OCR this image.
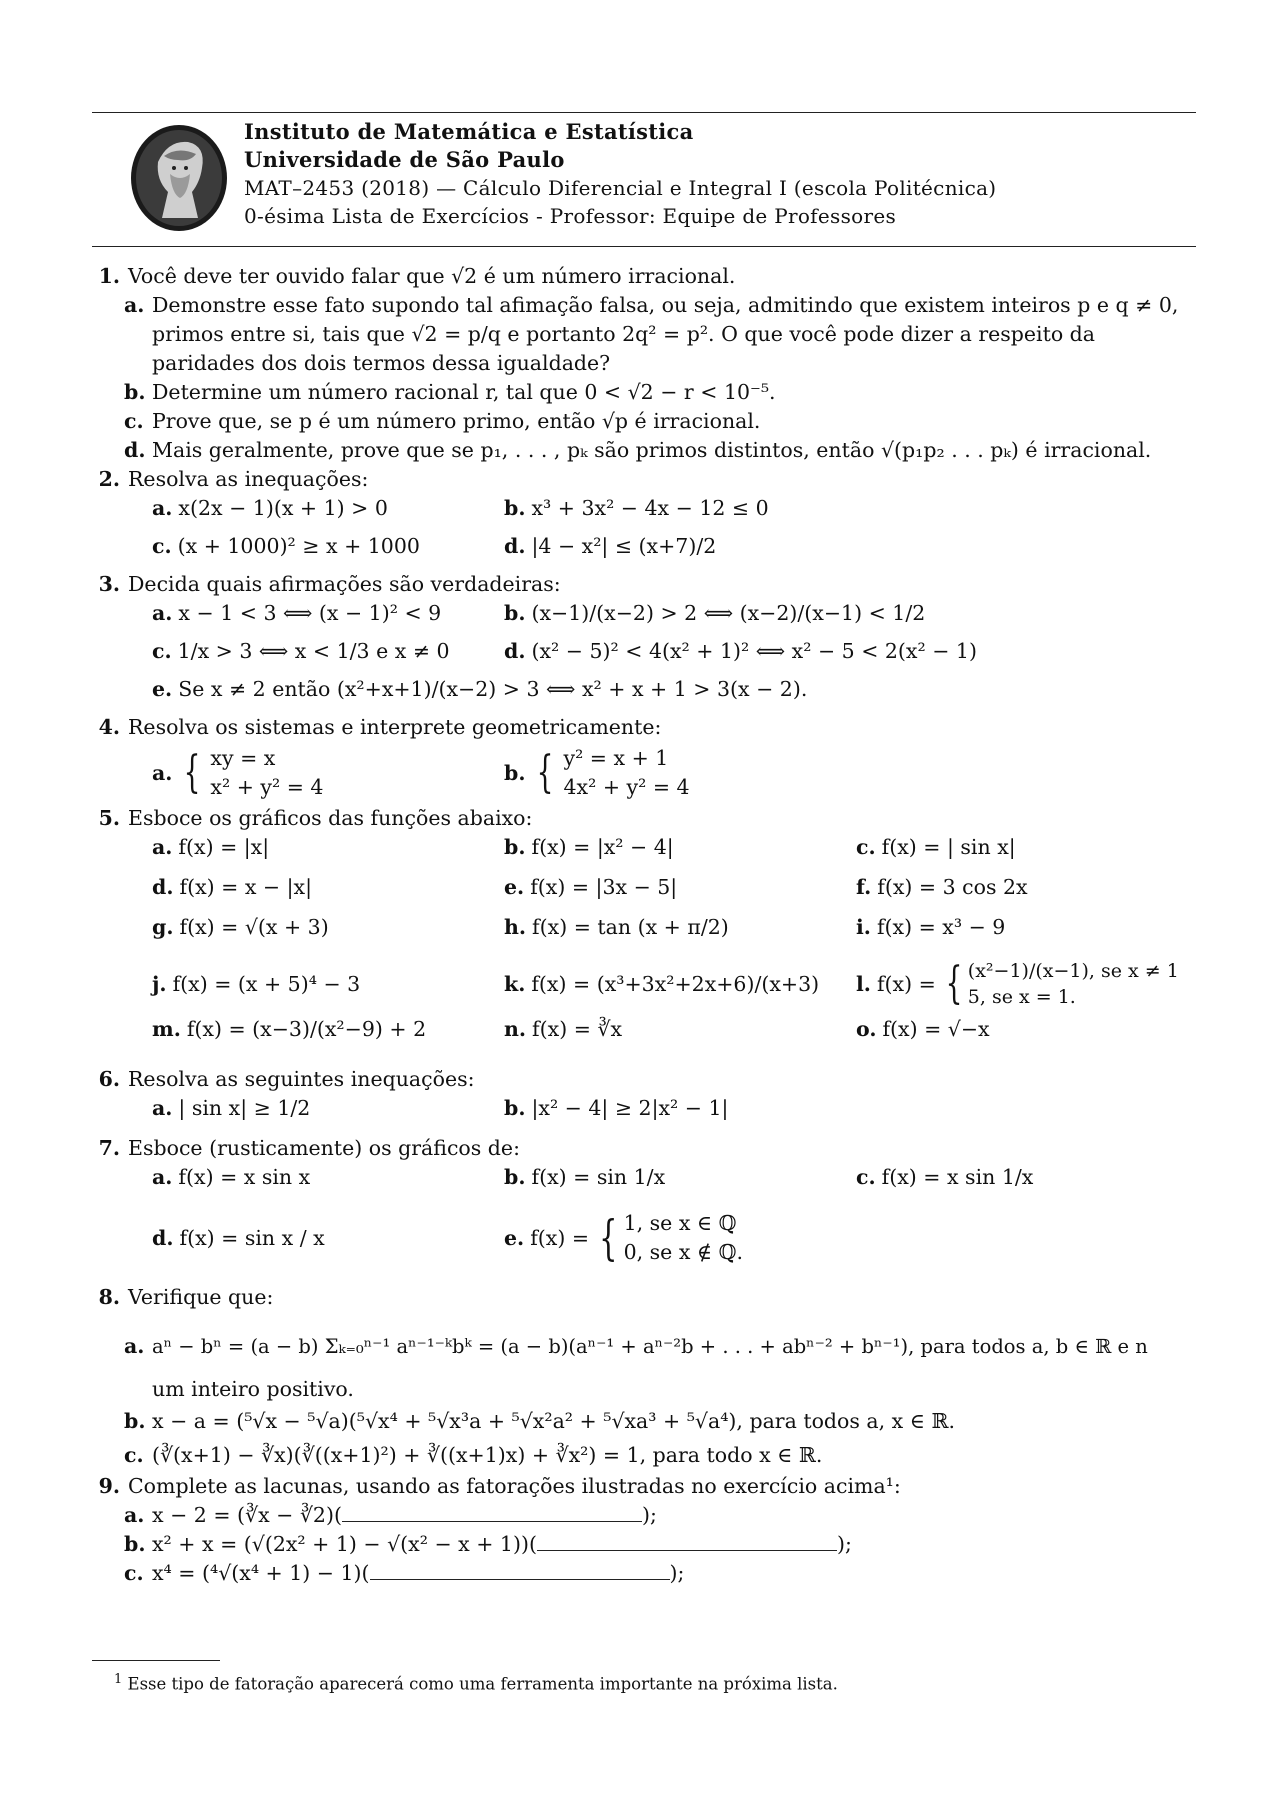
Instituto de Matemática e Estatística
Universidade de São Paulo
MAT–2453 (2018) — Cálculo Diferencial e Integral I (escola Politécnica)
0-ésima Lista de Exercícios - Professor: Equipe de Professores
1. Você deve ter ouvido falar que √2 é um número irracional.
a. Demonstre esse fato supondo tal afimação falsa, ou seja, admitindo que existem inteiros p e q ≠ 0, primos entre si, tais que √2 = p/q e portanto 2q² = p². O que você pode dizer a respeito da paridades dos dois termos dessa igualdade?
b. Determine um número racional r, tal que 0 < √2 − r < 10⁻⁵.
c. Prove que, se p é um número primo, então √p é irracional.
d. Mais geralmente, prove que se p₁, . . . , pₖ são primos distintos, então √(p₁p₂ . . . pₖ) é irracional.
2. Resolva as inequações:
a. x(2x − 1)(x + 1) > 0	b. x³ + 3x² − 4x − 12 ≤ 0
c. (x + 1000)² ≥ x + 1000	d. |4 − x²| ≤ (x+7)/2
3. Decida quais afirmações são verdadeiras:
a. x − 1 < 3 ⟺ (x − 1)² < 9	b. (x−1)/(x−2) > 2 ⟺ (x−2)/(x−1) < 1/2
c. 1/x > 3 ⟺ x < 1/3 e x ≠ 0	d. (x² − 5)² < 4(x² + 1)² ⟺ x² − 5 < 2(x² − 1)
e. Se x ≠ 2 então (x²+x+1)/(x−2) > 3 ⟺ x² + x + 1 > 3(x − 2).
4. Resolva os sistemas e interprete geometricamente:
a. { xy = x
x² + y² = 4
b. { y² = x + 1
4x² + y² = 4
5. Esboce os gráficos das funções abaixo:
a. f(x) = |x|	b. f(x) = |x² − 4|	c. f(x) = | sin x|
d. f(x) = x − |x|	e. f(x) = |3x − 5|	f. f(x) = 3 cos 2x
g. f(x) = √(x + 3)	h. f(x) = tan (x + π/2)	i. f(x) = x³ − 9
j. f(x) = (x + 5)⁴ − 3	k. f(x) = (x³+3x²+2x+6)/(x+3) l. f(x) = { (x²−1)/(x−1), se x ≠ 1
5, se x = 1.
m. f(x) = (x−3)/(x²−9) + 2	n. f(x) = ∛x	o. f(x) = √−x
6. Resolva as seguintes inequações:
a. | sin x| ≥ 1/2	b. |x² − 4| ≥ 2|x² − 1|
7. Esboce (rusticamente) os gráficos de:
a. f(x) = x sin x	b. f(x) = sin 1/x	c. f(x) = x sin 1/x
d. f(x) = sin x / x	e. f(x) = { 1, se x ∈ ℚ
0, se x ∉ ℚ.
8. Verifique que:
a. aⁿ − bⁿ = (a − b) Σₖ₌₀ⁿ⁻¹ aⁿ⁻¹⁻ᵏbᵏ = (a − b)(aⁿ⁻¹ + aⁿ⁻²b + . . . + abⁿ⁻² + bⁿ⁻¹), para todos a, b ∈ ℝ e n
um inteiro positivo.
b. x − a = (⁵√x − ⁵√a)(⁵√x⁴ + ⁵√x³a + ⁵√x²a² + ⁵√xa³ + ⁵√a⁴), para todos a, x ∈ ℝ.
c. (∛(x+1) − ∛x)(∛((x+1)²) + ∛((x+1)x) + ∛x²) = 1, para todo x ∈ ℝ.
9. Complete as lacunas, usando as fatorações ilustradas no exercício acima¹:
a. x − 2 = (∛x − ∛2)(	);
b. x² + x = (√(2x² + 1) − √(x² − x + 1))(	);
c. x⁴ = (⁴√(x⁴ + 1) − 1)(	);
$^1$ Esse tipo de fatoração aparecerá como uma ferramenta importante na próxima lista.
